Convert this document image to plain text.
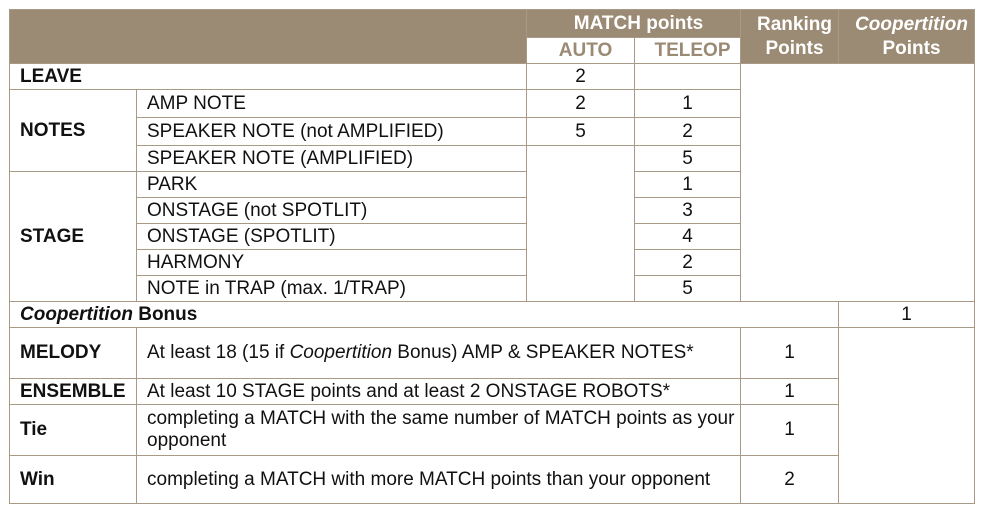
		MATCH points		Ranking Points	Coopertition
Points
		AUTO	TELEOP		
LEAVE		2			
NOTES	AMP NOTE	2	1		
	SPEAKER NOTE (not AMPLIFIED)	5	2		
	SPEAKER NOTE (AMPLIFIED)		5		
STAGE	PARK		1		
	ONSTAGE (not SPOTLIT)		3		
	ONSTAGE (SPOTLIT)		4		
	HARMONY		2		
	NOTE in TRAP (max. 1/TRAP)		5		
Coopertition Bonus					1
MELODY	At least 18 (15 if Coopertition Bonus) AMP & SPEAKER NOTES*			1	
ENSEMBLE	At least 10 STAGE points and at least 2 ONSTAGE ROBOTS*			1	
Tie	completing a MATCH with the same number of MATCH points as your opponent			1	
Win	completing a MATCH with more MATCH points than your opponent			2	
